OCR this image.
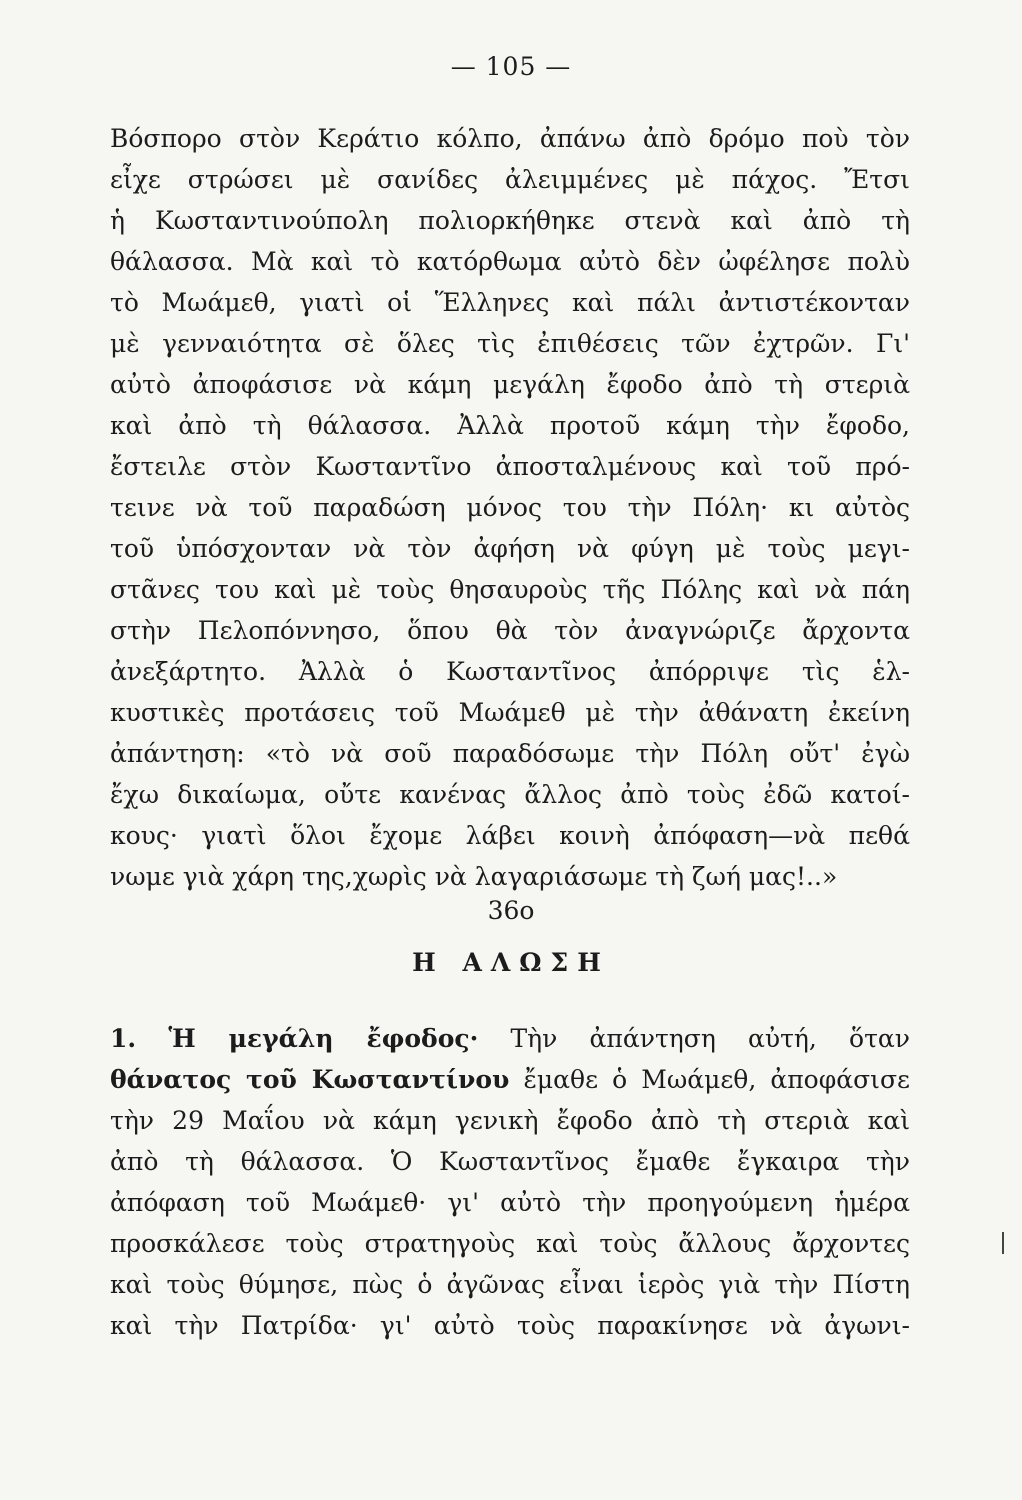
— 105 —
Βόσπορο στὸν Κεράτιο κόλπο, ἀπάνω ἀπὸ δρόμο ποὺ τὸν
εἶχε στρώσει μὲ σανίδες ἀλειμμένες μὲ πάχος. Ἔτσι
ἡ Κωσταντινούπολη πολιορκήθηκε στενὰ καὶ ἀπὸ τὴ
θάλασσα. Μὰ καὶ τὸ κατόρθωμα αὐτὸ δὲν ὠφέλησε πολὺ
τὸ Μωάμεθ, γιατὶ οἱ Ἕλληνες καὶ πάλι ἀντιστέκονταν
μὲ γενναιότητα σὲ ὅλες τὶς ἐπιθέσεις τῶν ἐχτρῶν. Γι'
αὐτὸ ἀποφάσισε νὰ κάμη μεγάλη ἔφοδο ἀπὸ τὴ στεριὰ
καὶ ἀπὸ τὴ θάλασσα. Ἀλλὰ προτοῦ κάμη τὴν ἔφοδο,
ἔστειλε στὸν Κωσταντῖνο ἀποσταλμένους καὶ τοῦ πρό-
τεινε νὰ τοῦ παραδώση μόνος του τὴν Πόλη· κι αὐτὸς
τοῦ ὑπόσχονταν νὰ τὸν ἀφήση νὰ φύγη μὲ τοὺς μεγι-
στᾶνες του καὶ μὲ τοὺς θησαυροὺς τῆς Πόλης καὶ νὰ πάη
στὴν Πελοπόννησο, ὅπου θὰ τὸν ἀναγνώριζε ἄρχοντα
ἀνεξάρτητο. Ἀλλὰ ὁ Κωσταντῖνος ἀπόρριψε τὶς ἑλ-
κυστικὲς προτάσεις τοῦ Μωάμεθ μὲ τὴν ἀθάνατη ἐκείνη
ἀπάντηση: «τὸ νὰ σοῦ παραδόσωμε τὴν Πόλη οὔτ' ἐγὼ
ἔχω δικαίωμα, οὔτε κανένας ἄλλος ἀπὸ τοὺς ἐδῶ κατοί-
κους· γιατὶ ὅλοι ἔχομε λάβει κοινὴ ἀπόφαση—νὰ πεθά
νωμε γιὰ χάρη της,χωρὶς νὰ λαγαριάσωμε τὴ ζωή μας!..»
36ο
Η ΑΛΩΣΗ
1. Ἡ μεγάλη ἔφοδος· Τὴν ἀπάντηση αὐτή, ὅταν
θάνατος τοῦ Κωσταντίνου ἔμαθε ὁ Μωάμεθ, ἀποφάσισε
τὴν 29 Μαΐου νὰ κάμη γενικὴ ἔφοδο ἀπὸ τὴ στεριὰ καὶ
ἀπὸ τὴ θάλασσα. Ὁ Κωσταντῖνος ἔμαθε ἔγκαιρα τὴν
ἀπόφαση τοῦ Μωάμεθ· γι' αὐτὸ τὴν προηγούμενη ἡμέρα
προσκάλεσε τοὺς στρατηγοὺς καὶ τοὺς ἄλλους ἄρχοντες
καὶ τοὺς θύμησε, πὼς ὁ ἀγῶνας εἶναι ἱερὸς γιὰ τὴν Πίστη
καὶ τὴν Πατρίδα· γι' αὐτὸ τοὺς παρακίνησε νὰ ἀγωνι-
